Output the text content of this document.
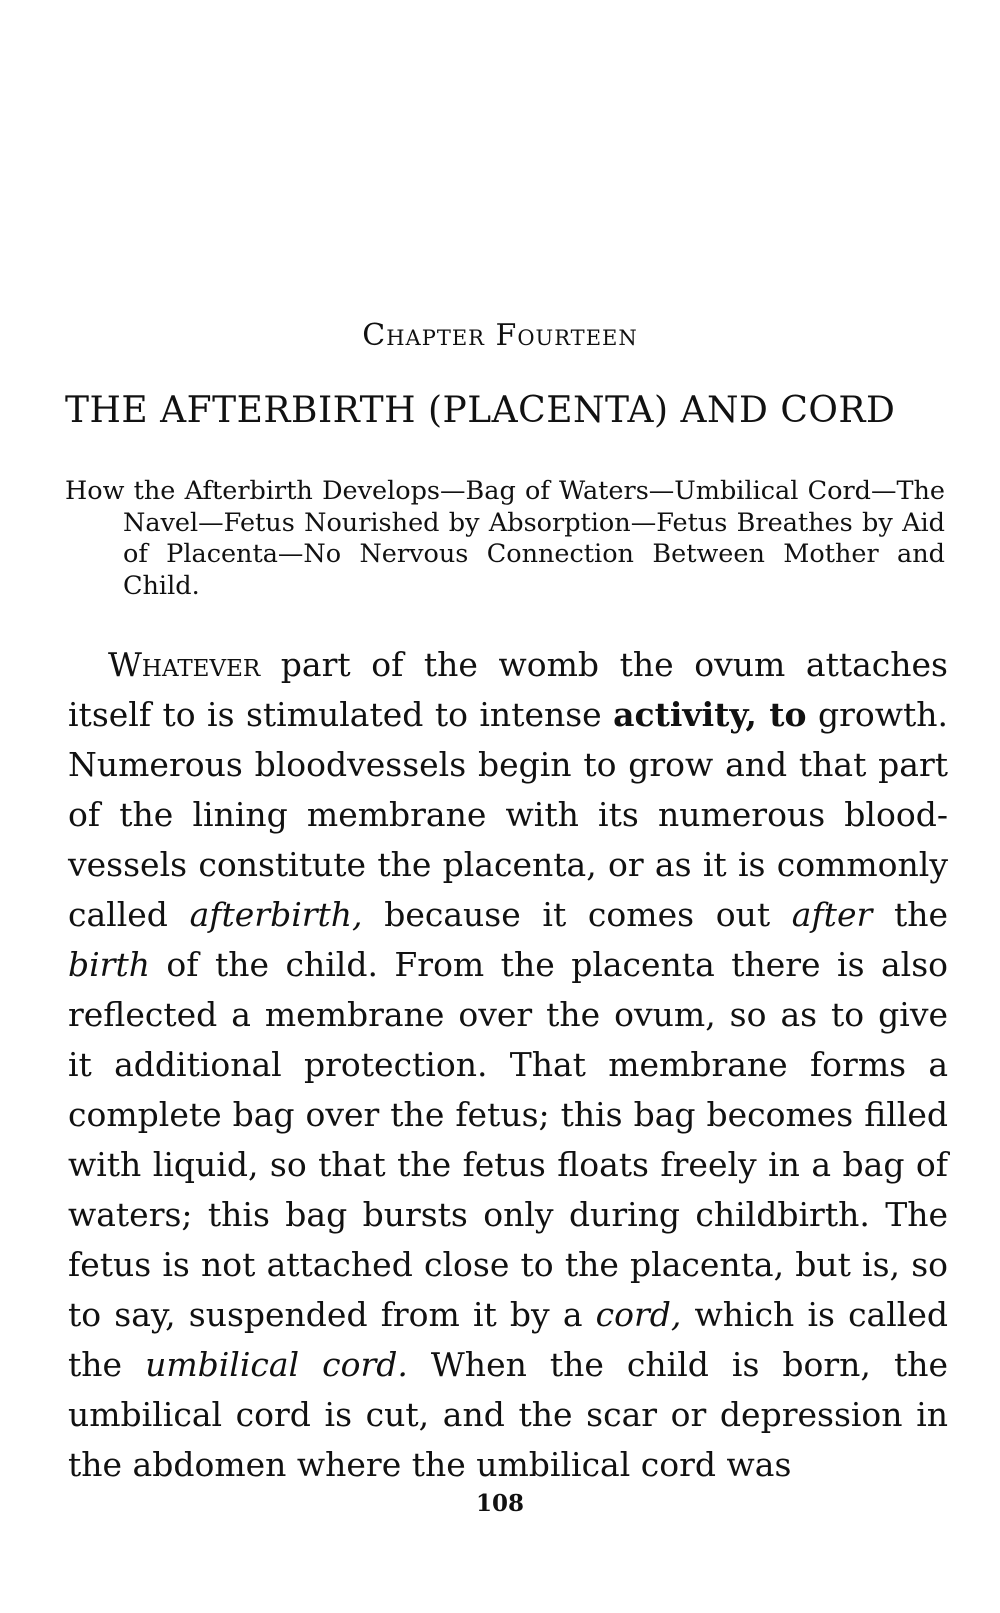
Chapter Fourteen
THE AFTERBIRTH (PLACENTA) AND CORD
How the Afterbirth Develops—Bag of Waters—Umbilical Cord—The Navel—Fetus Nourished by Absorption—Fetus Breathes by Aid of Placenta—No Nervous Connection Between Mother and Child.

Whatever part of the womb the ovum attaches itself to is stimulated to intense activity, to growth. Numerous bloodvessels begin to grow and that part of the lining membrane with its numerous bloodvessels constitute the placenta, or as it is commonly called afterbirth, because it comes out after the birth of the child. From the placenta there is also reflected a membrane over the ovum, so as to give it additional protection. That membrane forms a complete bag over the fetus; this bag becomes filled with liquid, so that the fetus floats freely in a bag of waters; this bag bursts only during childbirth. The fetus is not attached close to the placenta, but is, so to say, suspended from it by a cord, which is called the umbilical cord. When the child is born, the umbilical cord is cut, and the scar or depression in the abdomen where the umbilical cord was

108
